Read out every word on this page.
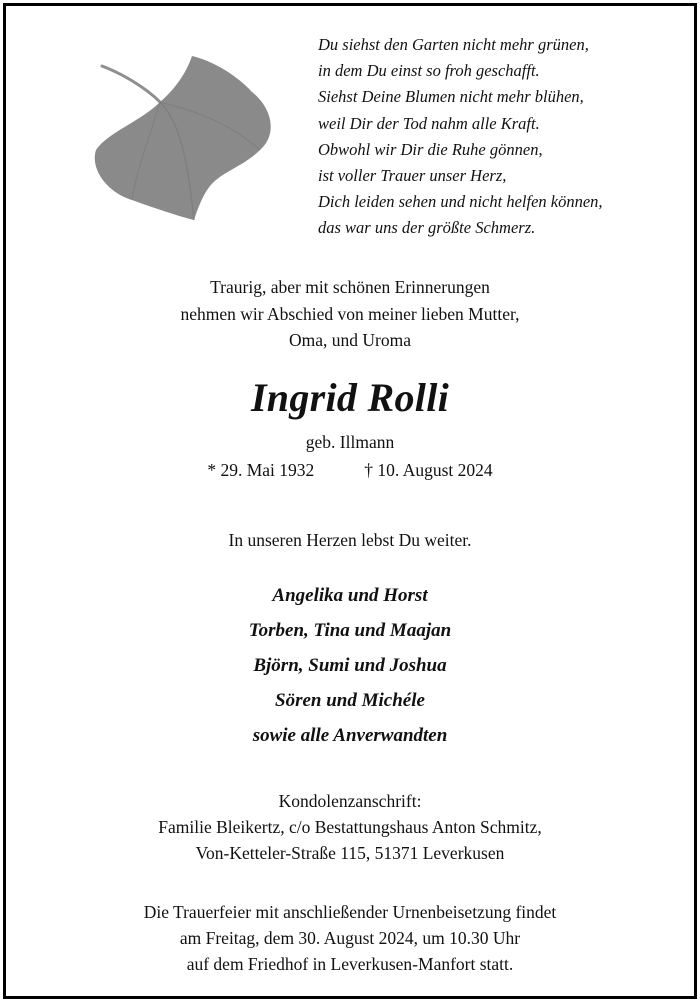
Du siehst den Garten nicht mehr grünen,
in dem Du einst so froh geschafft.
Siehst Deine Blumen nicht mehr blühen,
weil Dir der Tod nahm alle Kraft.
Obwohl wir Dir die Ruhe gönnen,
ist voller Trauer unser Herz,
Dich leiden sehen und nicht helfen können,
das war uns der größte Schmerz.
Traurig, aber mit schönen Erinnerungen
nehmen wir Abschied von meiner lieben Mutter,
Oma, und Uroma
Ingrid Rolli
geb. Illmann
* 29. Mai 1932	† 10. August 2024
In unseren Herzen lebst Du weiter.
Angelika und Horst
Torben, Tina und Maajan
Björn, Sumi und Joshua
Sören und Michéle
sowie alle Anverwandten
Kondolenzanschrift:
Familie Bleikertz, c/o Bestattungshaus Anton Schmitz,
Von-Ketteler-Straße 115, 51371 Leverkusen
Die Trauerfeier mit anschließender Urnenbeisetzung findet
am Freitag, dem 30. August 2024, um 10.30 Uhr
auf dem Friedhof in Leverkusen-Manfort statt.
